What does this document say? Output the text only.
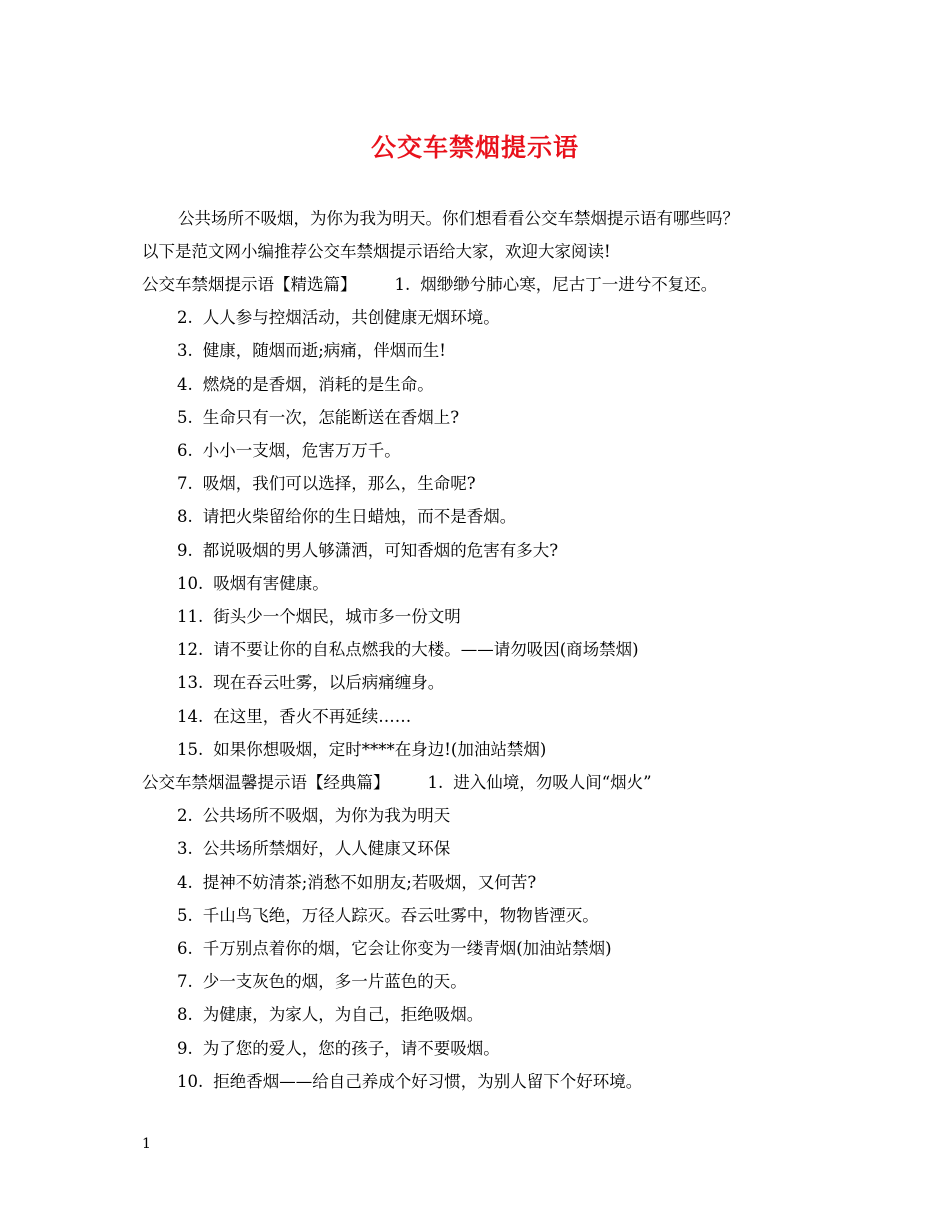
公交车禁烟提示语
公共场所不吸烟，为你为我为明天。你们想看看公交车禁烟提示语有哪些吗？
以下是范文网小编推荐公交车禁烟提示语给大家，欢迎大家阅读!
公交车禁烟提示语【精选篇】 1. 烟缈缈兮肺心寒，尼古丁一进兮不复还。
2. 人人参与控烟活动，共创健康无烟环境。
3. 健康，随烟而逝;病痛，伴烟而生!
4. 燃烧的是香烟，消耗的是生命。
5. 生命只有一次，怎能断送在香烟上?
6. 小小一支烟，危害万万千。
7. 吸烟，我们可以选择，那么，生命呢?
8. 请把火柴留给你的生日蜡烛，而不是香烟。
9. 都说吸烟的男人够潇洒，可知香烟的危害有多大?
10. 吸烟有害健康。
11. 街头少一个烟民，城市多一份文明
12. 请不要让你的自私点燃我的大楼。——请勿吸因(商场禁烟)
13. 现在吞云吐雾，以后病痛缠身。
14. 在这里，香火不再延续……
15. 如果你想吸烟，定时****在身边!(加油站禁烟)
公交车禁烟温馨提示语【经典篇】 1. 进入仙境，勿吸人间“烟火”
2. 公共场所不吸烟，为你为我为明天
3. 公共场所禁烟好，人人健康又环保
4. 提神不妨清茶;消愁不如朋友;若吸烟，又何苦?
5. 千山鸟飞绝，万径人踪灭。吞云吐雾中，物物皆湮灭。
6. 千万别点着你的烟，它会让你变为一缕青烟(加油站禁烟)
7. 少一支灰色的烟，多一片蓝色的天。
8. 为健康，为家人，为自己，拒绝吸烟。
9. 为了您的爱人，您的孩子，请不要吸烟。
10. 拒绝香烟——给自己养成个好习惯，为别人留下个好环境。
1
